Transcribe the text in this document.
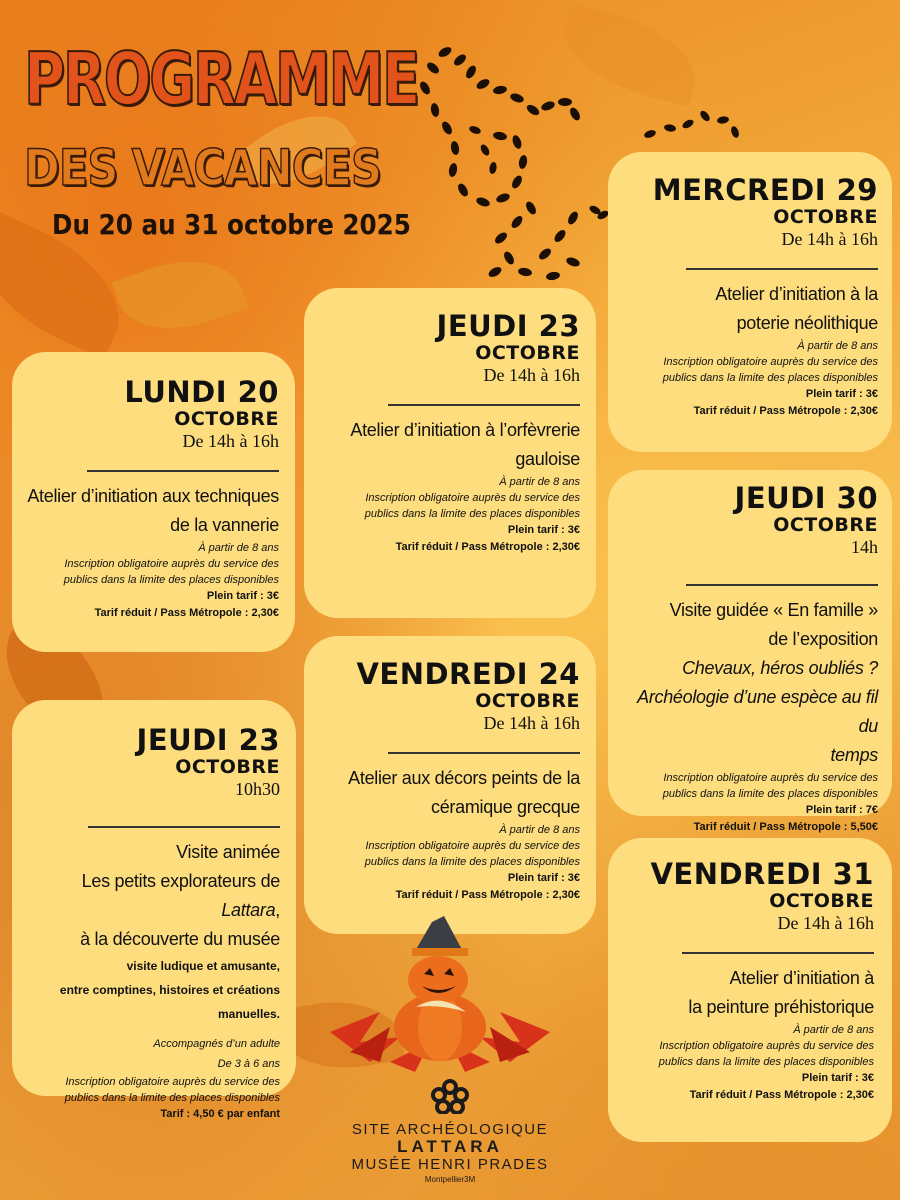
PROGRAMME
DES VACANCES
Du 20 au 31 octobre 2025
LUNDI 20
OCTOBRE
De 14h à 16h
Atelier d’initiation aux techniques
de la vannerie
À partir de 8 ans
Inscription obligatoire auprès du service des
publics dans la limite des places disponibles
Plein tarif : 3€
Tarif réduit / Pass Métropole : 2,30€
JEUDI 23
OCTOBRE
De 14h à 16h
Atelier d’initiation à l’orfèvrerie
gauloise
À partir de 8 ans
Inscription obligatoire auprès du service des
publics dans la limite des places disponibles
Plein tarif : 3€
Tarif réduit / Pass Métropole : 2,30€
MERCREDI 29
OCTOBRE
De 14h à 16h
Atelier d’initiation à la
poterie néolithique
À partir de 8 ans
Inscription obligatoire auprès du service des
publics dans la limite des places disponibles
Plein tarif : 3€
Tarif réduit / Pass Métropole : 2,30€
JEUDI 23
OCTOBRE
10h30
Visite animée
Les petits explorateurs de Lattara,
à la découverte du musée
visite ludique et amusante,
entre comptines, histoires et créations
manuelles.
Accompagnés d’un adulte
De 3 à 6 ans
Inscription obligatoire auprès du service des
publics dans la limite des places disponibles
Tarif : 4,50 € par enfant
VENDREDI 24
OCTOBRE
De 14h à 16h
Atelier aux décors peints de la
céramique grecque
À partir de 8 ans
Inscription obligatoire auprès du service des
publics dans la limite des places disponibles
Plein tarif : 3€
Tarif réduit / Pass Métropole : 2,30€
JEUDI 30
OCTOBRE
14h
Visite guidée « En famille »
de l’exposition
Chevaux, héros oubliés ?
Archéologie d’une espèce au fil du
temps
Inscription obligatoire auprès du service des
publics dans la limite des places disponibles
Plein tarif : 7€
Tarif réduit / Pass Métropole : 5,50€
VENDREDI 31
OCTOBRE
De 14h à 16h
Atelier d’initiation à
la peinture préhistorique
À partir de 8 ans
Inscription obligatoire auprès du service des
publics dans la limite des places disponibles
Plein tarif : 3€
Tarif réduit / Pass Métropole : 2,30€
SITE ARCHÉOLOGIQUE
LATTARA
MUSÉE HENRI PRADES
Montpellier3M
